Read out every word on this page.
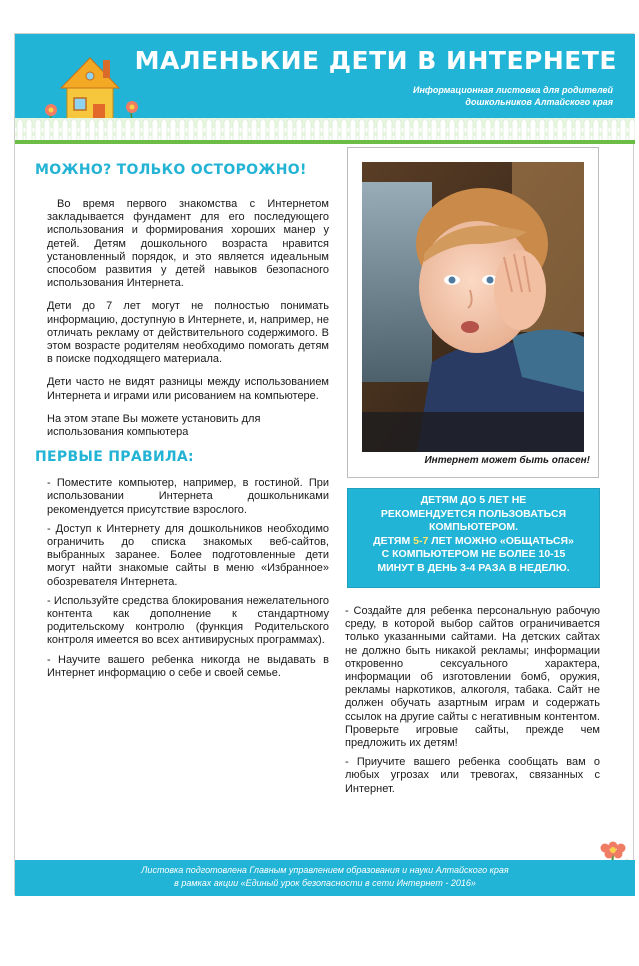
МАЛЕНЬКИЕ ДЕТИ В ИНТЕРНЕТЕ
Информационная листовка для родителей
дошкольников Алтайского края
МОЖНО? ТОЛЬКО ОСТОРОЖНО!
Во время первого знакомства с Интернетом закладывается фундамент для его последующего использования и формирования хороших манер у детей. Детям дошкольного возраста нравится установленный порядок, и это является идеальным способом развития у детей навыков безопасного использования Интернета.
Дети до 7 лет могут не полностью понимать информацию, доступную в Интернете, и, например, не отличать рекламу от действительного содержимого. В этом возрасте родителям необходимо помогать детям в поиске подходящего материала.
Дети часто не видят разницы между использованием Интернета и играми или рисованием на компьютере.
На этом этапе Вы можете установить для использования компьютера
ПЕРВЫЕ ПРАВИЛА:
- Поместите компьютер, например, в гостиной. При использовании Интернета дошкольниками рекомендуется присутствие взрослого.
- Доступ к Интернету для дошкольников необходимо ограничить до списка знакомых веб-сайтов, выбранных заранее. Более подготовленные дети могут найти знакомые сайты в меню «Избранное» обозревателя Интернета.
- Используйте средства блокирования нежелательного контента как дополнение к стандартному родительскому контролю (функция Родительского контроля имеется во всех антивирусных программах).
- Научите вашего ребенка никогда не выдавать в Интернет информацию о себе и своей семье.
Интернет может быть опасен!
ДЕТЯМ ДО 5 ЛЕТ НЕ
РЕКОМЕНДУЕТСЯ ПОЛЬЗОВАТЬСЯ
КОМПЬЮТЕРОМ.
ДЕТЯМ 5-7 ЛЕТ МОЖНО «ОБЩАТЬСЯ»
С КОМПЬЮТЕРОМ НЕ БОЛЕЕ 10-15
МИНУТ В ДЕНЬ 3-4 РАЗА В НЕДЕЛЮ.
- Создайте для ребенка персональную рабочую среду, в которой выбор сайтов ограничивается только указанными сайтами. На детских сайтах не должно быть никакой рекламы; информации откровенно сексуального характера, информации об изготовлении бомб, оружия, рекламы наркотиков, алкоголя, табака. Сайт не должен обучать азартным играм и содержать ссылок на другие сайты с негативным контентом. Проверьте игровые сайты, прежде чем предложить их детям!
- Приучите вашего ребенка сообщать вам о любых угрозах или тревогах, связанных с Интернет.
Листовка подготовлена Главным управлением образования и науки Алтайского края
в рамках акции «Единый урок безопасности в сети Интернет - 2016»
